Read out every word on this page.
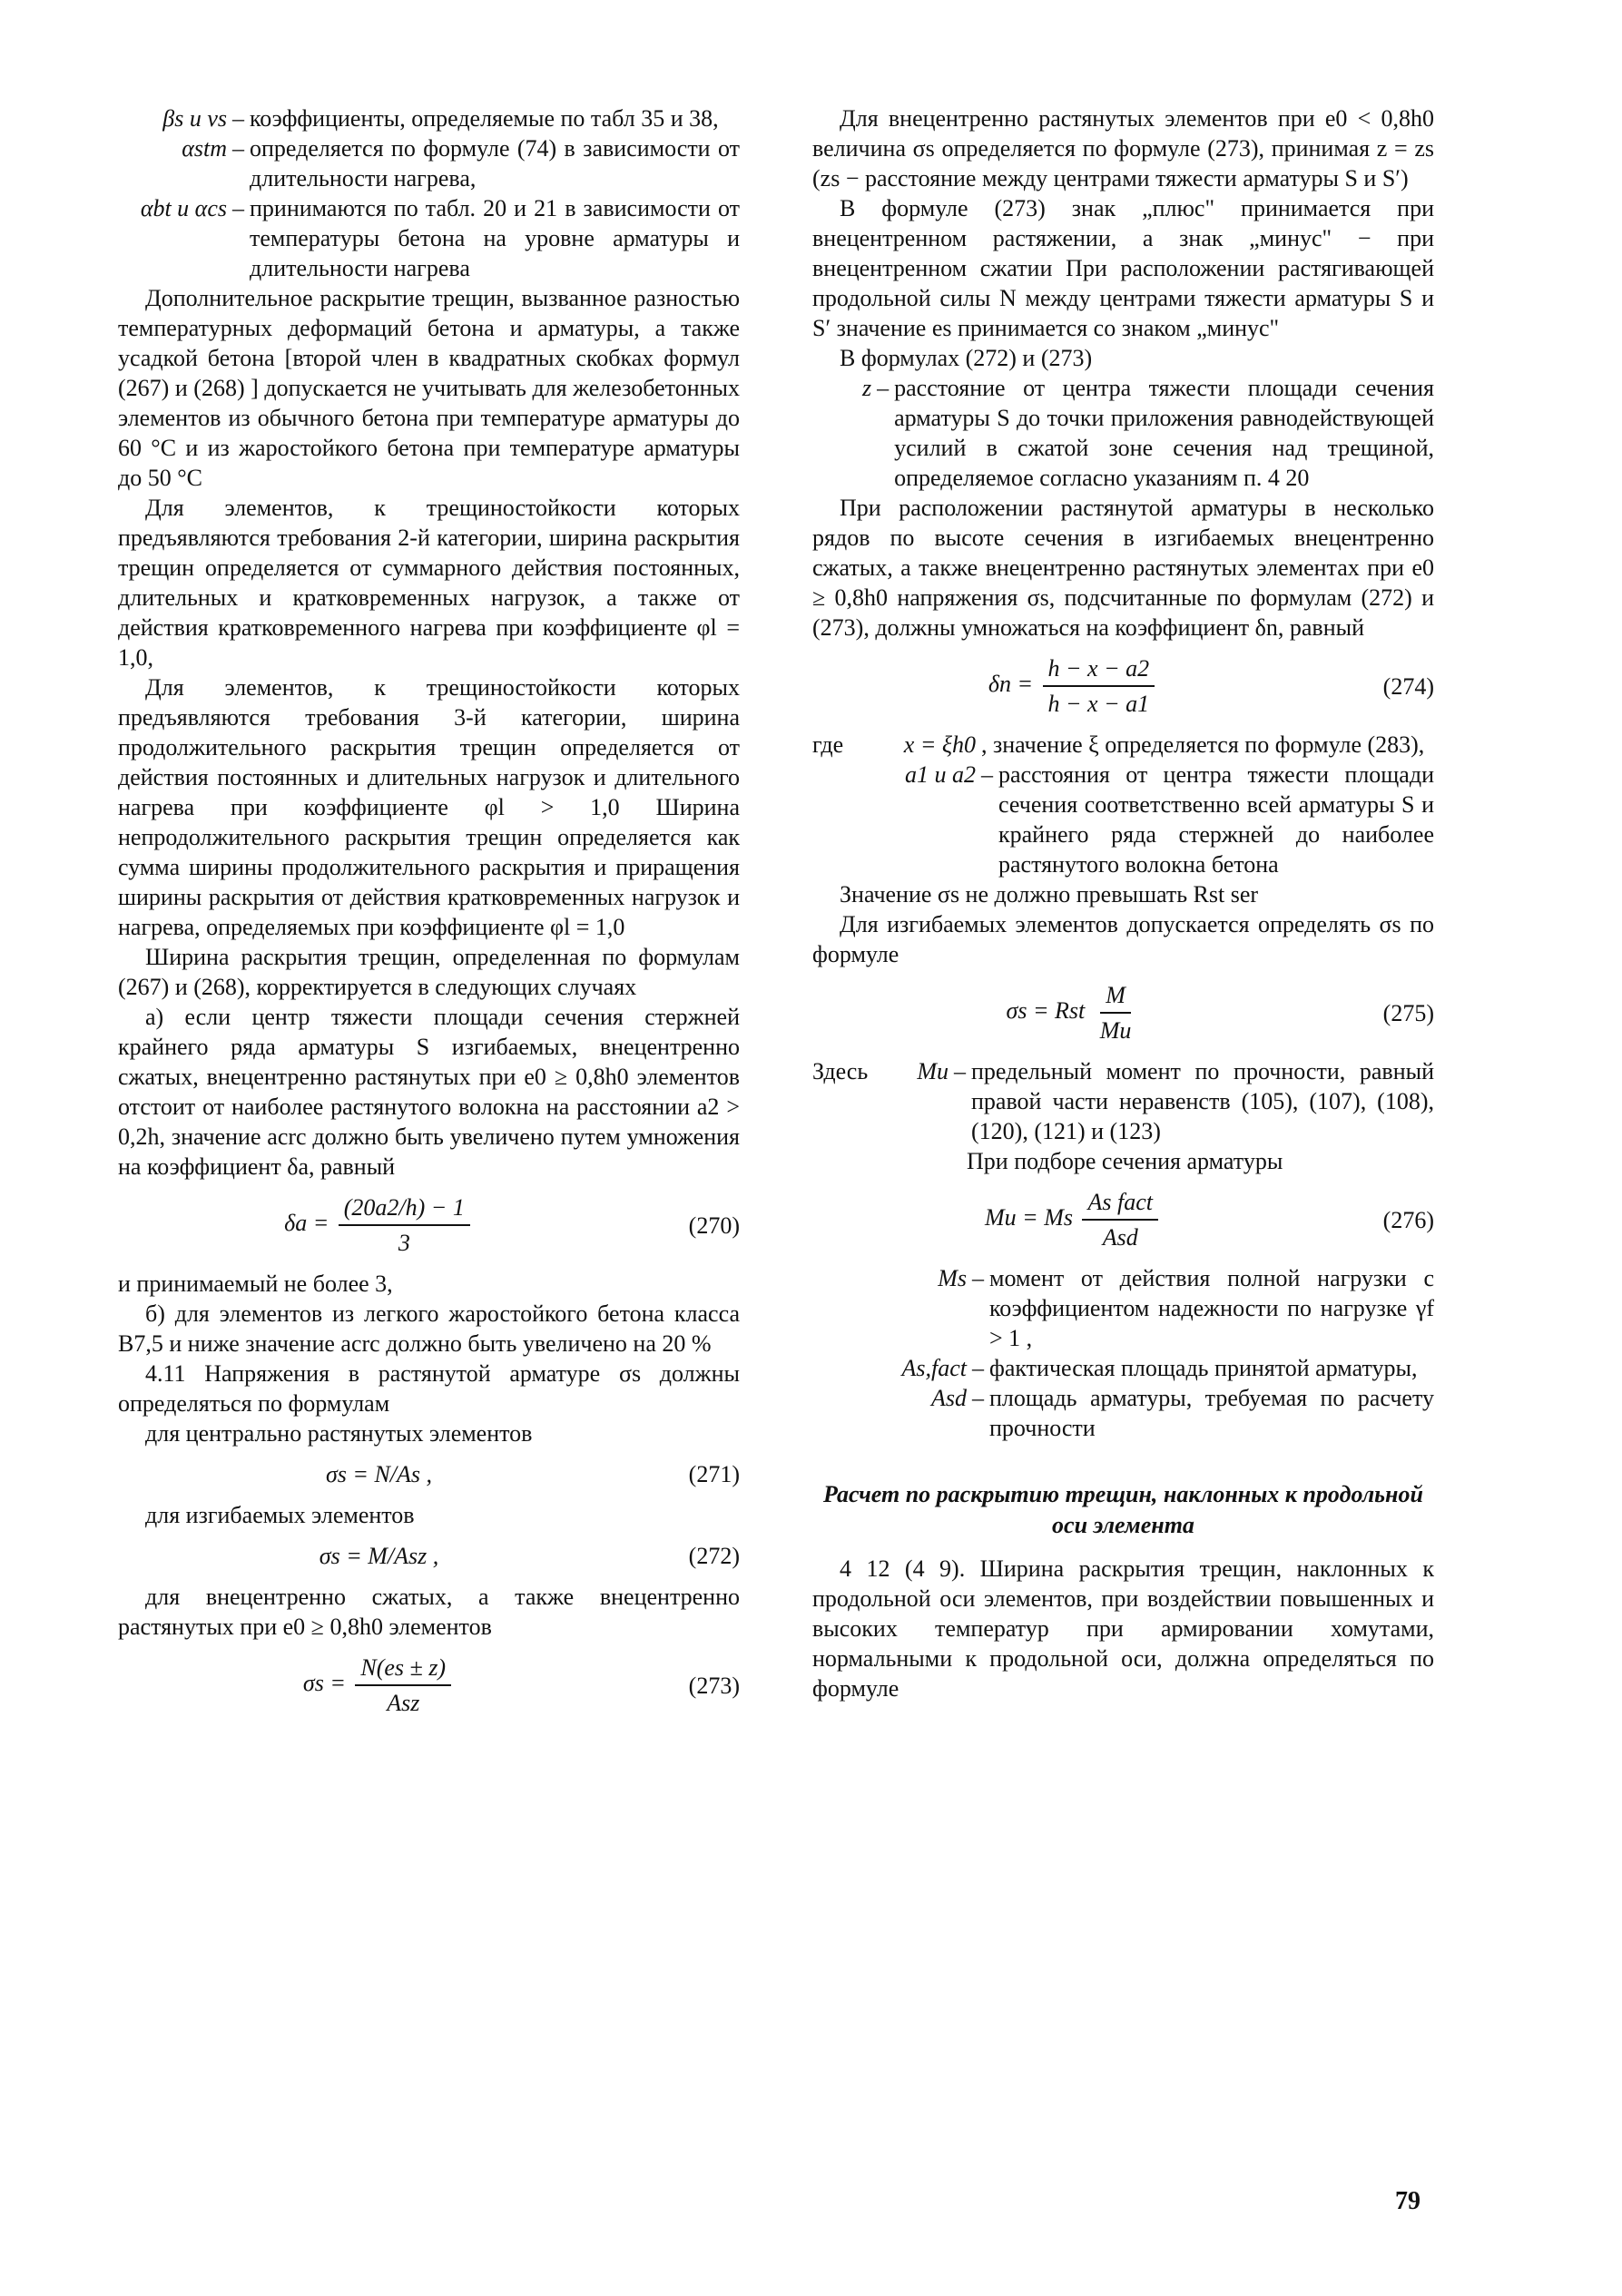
βs и νs – коэффициенты, определяемые по табл 35 и 38,
αstm – определяется по формуле (74) в зависимости от длительности нагрева,
αbt и αcs – принимаются по табл. 20 и 21 в зависимости от температуры бетона на уровне арматуры и длительности нагрева

Дополнительное раскрытие трещин, вызванное разностью температурных деформаций бетона и арматуры, а также усадкой бетона [второй член в квадратных скобках формул (267) и (268) ] допускается не учитывать для железобетонных элементов из обычного бетона при температуре арматуры до 60 °C и из жаростойкого бетона при температуре арматуры до 50 °C

Для элементов, к трещиностойкости которых предъявляются требования 2-й категории, ширина раскрытия трещин определяется от суммарного действия постоянных, длительных и кратковременных нагрузок, а также от действия кратковременного нагрева при коэффициенте φl = 1,0,

Для элементов, к трещиностойкости которых предъявляются требования 3-й категории, ширина продолжительного раскрытия трещин определяется от действия постоянных и длительных нагрузок и длительного нагрева при коэффициенте φl > 1,0 Ширина непродолжительного раскрытия трещин определяется как сумма ширины продолжительного раскрытия и приращения ширины раскрытия от действия кратковременных нагрузок и нагрева, определяемых при коэффициенте φl = 1,0

Ширина раскрытия трещин, определенная по формулам (267) и (268), корректируется в следующих случаях

а) если центр тяжести площади сечения стержней крайнего ряда арматуры S изгибаемых, внецентренно сжатых, внецентренно растянутых при e0 ≥ 0,8h0 элементов отстоит от наиболее растянутого волокна на расстоянии a2 > 0,2h, значение acrc должно быть увеличено путем умножения на коэффициент δa, равный

$\delta a = \frac{(20a2/h) - 1}{3}$	(270)

и принимаемый не более 3,

б) для элементов из легкого жаростойкого бетона класса В7,5 и ниже значение acrc должно быть увеличено на 20 %

4.11 Напряжения в растянутой арматуре σs должны определяться по формулам

для центрально растянутых элементов

σs = N/As ,	(271)

для изгибаемых элементов

σs = M/Asz ,	(272)

для внецентренно сжатых, а также внецентренно растянутых при e0 ≥ 0,8h0 элементов

$\sigma s = \frac{N(es \pm z)}{\text{Asz}}$	(273)

Для внецентренно растянутых элементов при e0 < 0,8h0 величина σs определяется по формуле (273), принимая z = zs (zs − расстояние между центрами тяжести арматуры S и S′)

В формуле (273) знак „плюс" принимается при внецентренном растяжении, а знак „минус" − при внецентренном сжатии При расположении растягивающей продольной силы N между центрами тяжести арматуры S и S′ значение es принимается со знаком „минус"

В формулах (272) и (273)

z – расстояние от центра тяжести площади сечения арматуры S до точки приложения равнодействующей усилий в сжатой зоне сечения над трещиной, определяемое согласно указаниям п. 4 20

При расположении растянутой арматуры в несколько рядов по высоте сечения в изгибаемых внецентренно сжатых, а также внецентренно растянутых элементах при e0 ≥ 0,8h0 напряжения σs, подсчитанные по формулам (272) и (273), должны умножаться на коэффициент δn, равный

$\delta n = \frac{h - x - a2}{h - x - a1}$	(274)
где	x = ξh0 , значение ξ определяется по формуле (283),
a1 и a2 – расстояния от центра тяжести площади сечения соответственно всей арматуры S и крайнего ряда стержней до наиболее растянутого волокна бетона

Значение σs не должно превышать Rst ser

Для изгибаемых элементов допускается определять σs по формуле

σs = Rst $\frac{M}{Mu}$	(275)
Здесь	Mu – предельный момент по прочности, равный правой части неравенств (105), (107), (108), (120), (121) и (123)

При подборе сечения арматуры

Mu = Ms $\frac{\text{As fact}}{\text{Asd}}$	(276)
Ms – момент от действия полной нагрузки с коэффициентом надежности по нагрузке γf > 1 ,
As,fact – фактическая площадь принятой арматуры,
Asd – площадь арматуры, требуемая по расчету прочности
Расчет по раскрытию трещин, наклонных к продольной оси элемента

4 12 (4 9). Ширина раскрытия трещин, наклонных к продольной оси элементов, при воздействии повышенных и высоких температур при армировании хомутами, нормальными к продольной оси, должна определяться по формуле

79
